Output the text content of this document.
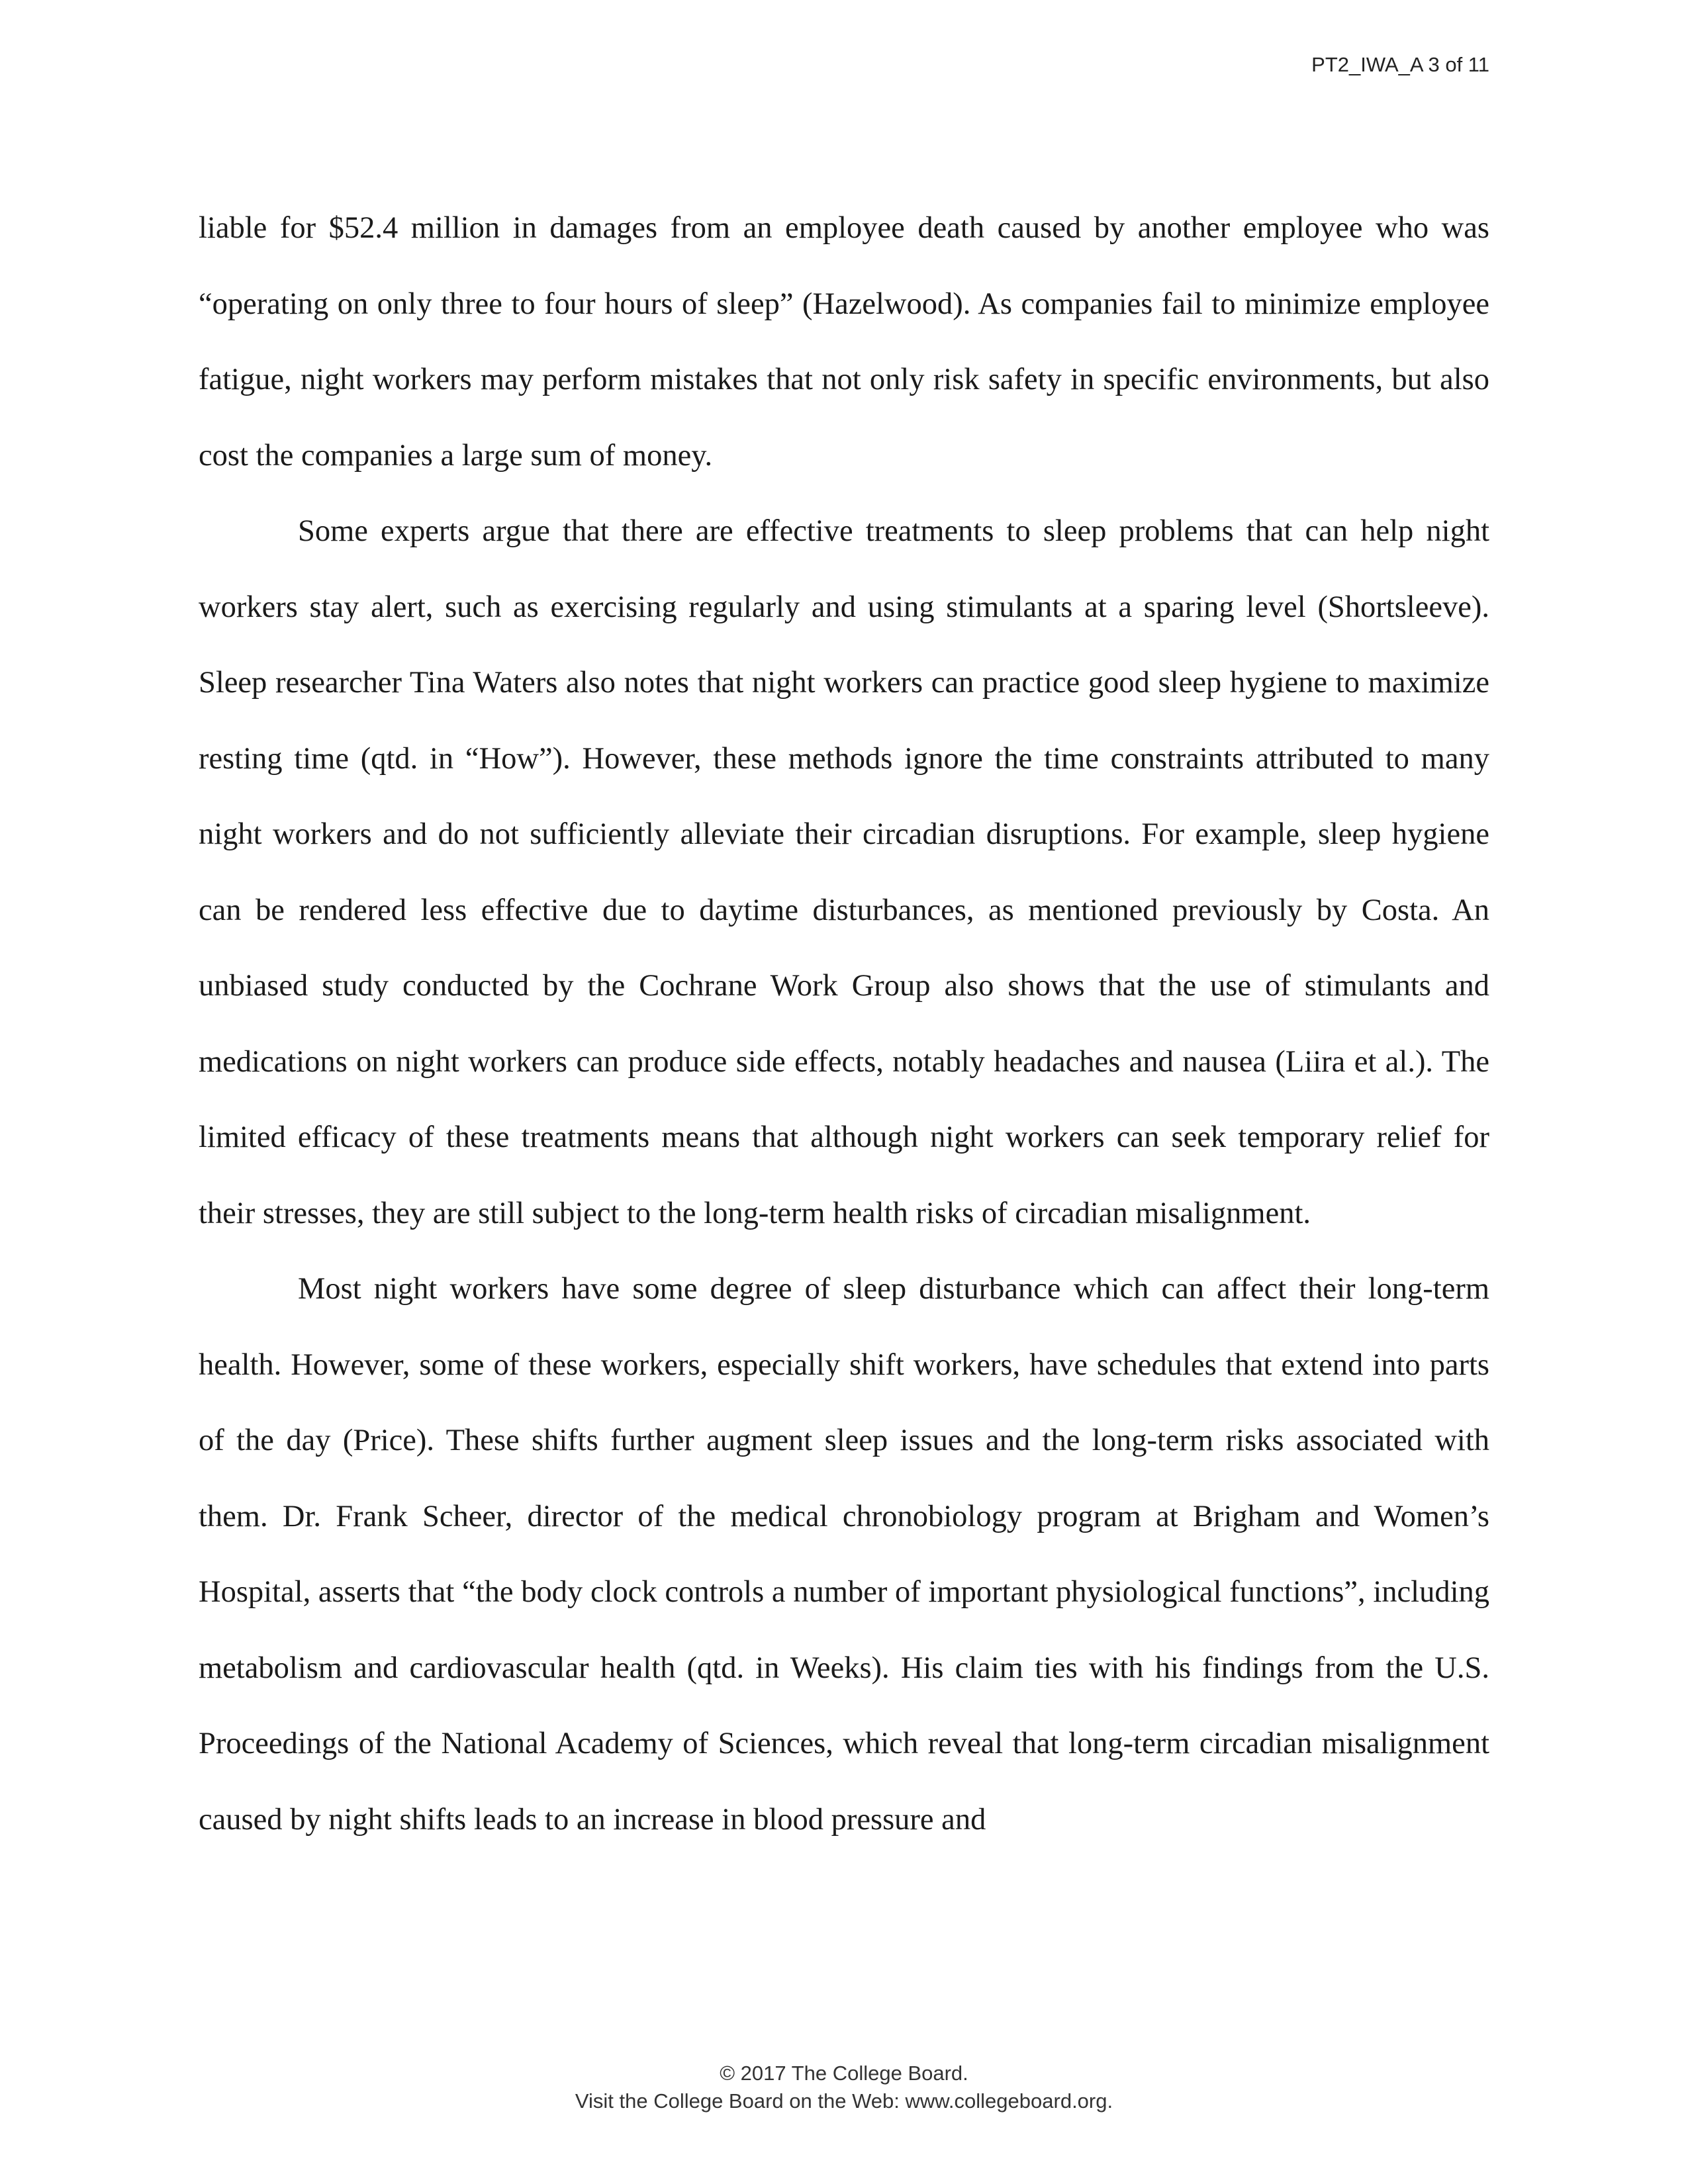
PT2_IWA_A 3 of 11

liable for $52.4 million in damages from an employee death caused by another employee who was “operating on only three to four hours of sleep” (Hazelwood). As companies fail to minimize employee fatigue, night workers may perform mistakes that not only risk safety in specific environments, but also cost the companies a large sum of money.

Some experts argue that there are effective treatments to sleep problems that can help night workers stay alert, such as exercising regularly and using stimulants at a sparing level (Shortsleeve). Sleep researcher Tina Waters also notes that night workers can practice good sleep hygiene to maximize resting time (qtd. in “How”). However, these methods ignore the time constraints attributed to many night workers and do not sufficiently alleviate their circadian disruptions. For example, sleep hygiene can be rendered less effective due to daytime disturbances, as mentioned previously by Costa. An unbiased study conducted by the Cochrane Work Group also shows that the use of stimulants and medications on night workers can produce side effects, notably headaches and nausea (Liira et al.). The limited efficacy of these treatments means that although night workers can seek temporary relief for their stresses, they are still subject to the long-term health risks of circadian misalignment.

Most night workers have some degree of sleep disturbance which can affect their long-term health. However, some of these workers, especially shift workers, have schedules that extend into parts of the day (Price). These shifts further augment sleep issues and the long-term risks associated with them. Dr. Frank Scheer, director of the medical chronobiology program at Brigham and Women’s Hospital, asserts that “the body clock controls a number of important physiological functions”, including metabolism and cardiovascular health (qtd. in Weeks). His claim ties with his findings from the U.S. Proceedings of the National Academy of Sciences, which reveal that long-term circadian misalignment caused by night shifts leads to an increase in blood pressure and

© 2017 The College Board.
Visit the College Board on the Web: www.collegeboard.org.
